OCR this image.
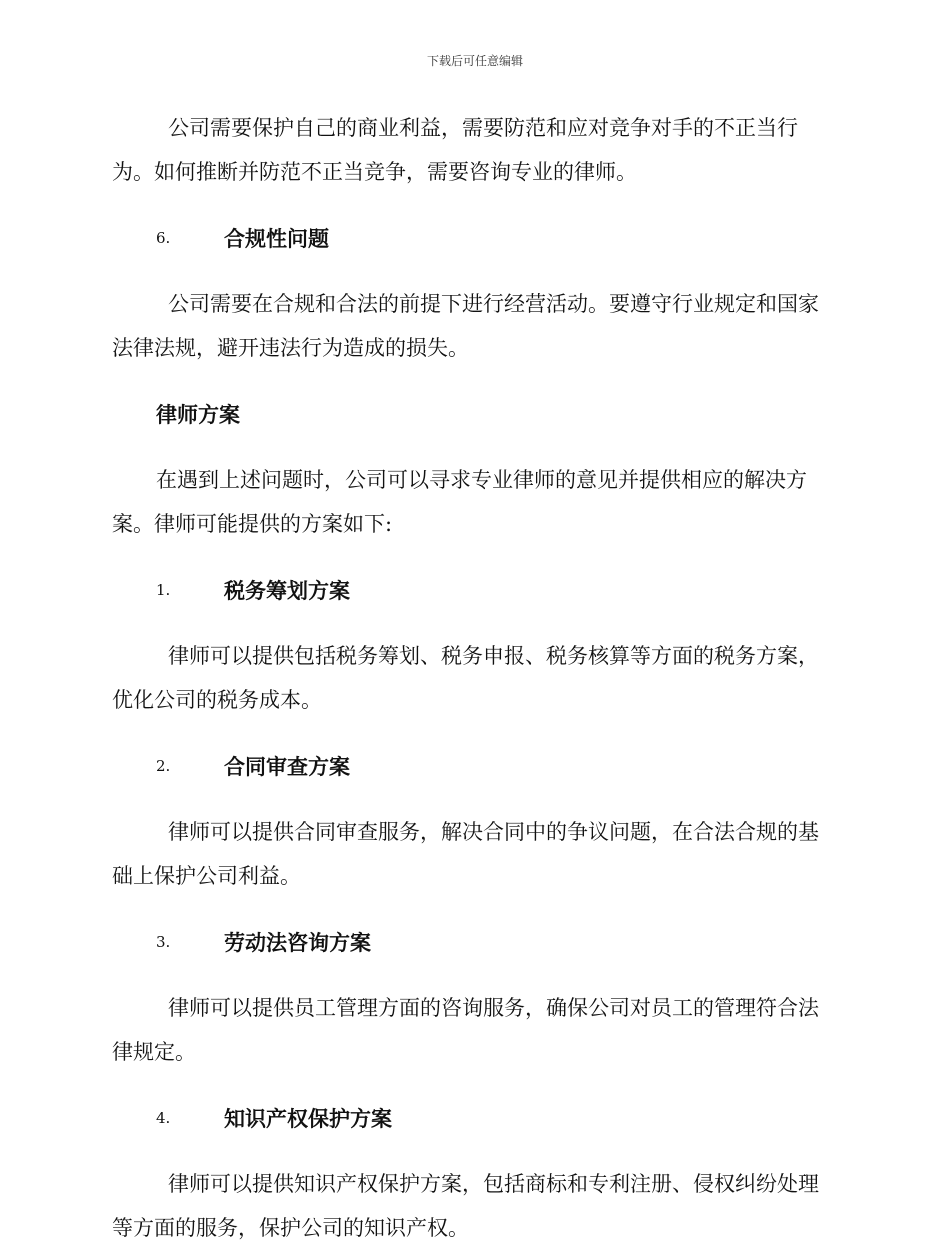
下载后可任意编辑

公司需要保护自己的商业利益，需要防范和应对竞争对手的不正当行为。如何推断并防范不正当竞争，需要咨询专业的律师。

6.	合规性问题

公司需要在合规和合法的前提下进行经营活动。要遵守行业规定和国家法律法规，避开违法行为造成的损失。

律师方案

在遇到上述问题时，公司可以寻求专业律师的意见并提供相应的解决方案。律师可能提供的方案如下:

1.	税务筹划方案

律师可以提供包括税务筹划、税务申报、税务核算等方面的税务方案，优化公司的税务成本。

2.	合同审查方案

律师可以提供合同审查服务，解决合同中的争议问题，在合法合规的基础上保护公司利益。

3.	劳动法咨询方案

律师可以提供员工管理方面的咨询服务，确保公司对员工的管理符合法律规定。

4.	知识产权保护方案

律师可以提供知识产权保护方案，包括商标和专利注册、侵权纠纷处理等方面的服务，保护公司的知识产权。
